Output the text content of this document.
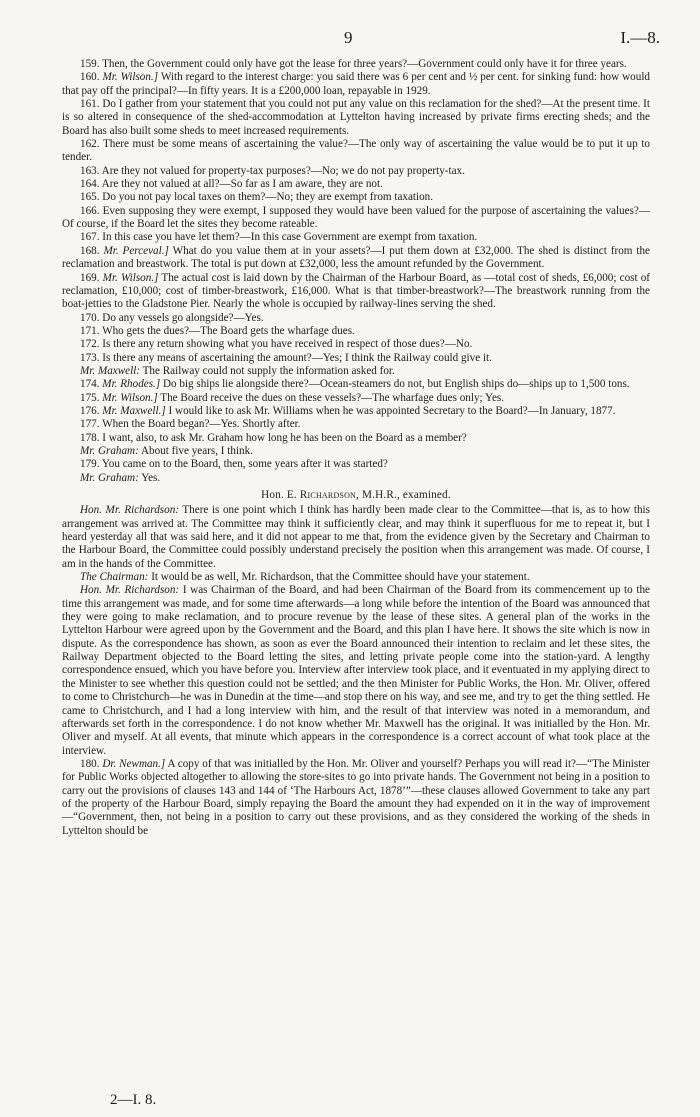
9	I.—8.

159. Then, the Government could only have got the lease for three years?—Government could only have it for three years.

160. Mr. Wilson.] With regard to the interest charge: you said there was 6 per cent and ½ per cent. for sinking fund: how would that pay off the principal?—In fifty years. It is a £200,000 loan, repayable in 1929.

161. Do I gather from your statement that you could not put any value on this reclamation for the shed?—At the present time. It is so altered in consequence of the shed-accommodation at Lyttelton having increased by private firms erecting sheds; and the Board has also built some sheds to meet increased requirements.

162. There must be some means of ascertaining the value?—The only way of ascertaining the value would be to put it up to tender.

163. Are they not valued for property-tax purposes?—No; we do not pay property-tax.

164. Are they not valued at all?—So far as I am aware, they are not.

165. Do you not pay local taxes on them?—No; they are exempt from taxation.

166. Even supposing they were exempt, I supposed they would have been valued for the purpose of ascertaining the values?—Of course, if the Board let the sites they become rateable.

167. In this case you have let them?—In this case Government are exempt from taxation.

168. Mr. Perceval.] What do you value them at in your assets?—I put them down at £32,000. The shed is distinct from the reclamation and breastwork. The total is put down at £32,000, less the amount refunded by the Government.

169. Mr. Wilson.] The actual cost is laid down by the Chairman of the Harbour Board, as —total cost of sheds, £6,000; cost of reclamation, £10,000; cost of timber-breastwork, £16,000. What is that timber-breastwork?—The breastwork running from the boat-jetties to the Gladstone Pier. Nearly the whole is occupied by railway-lines serving the shed.

170. Do any vessels go alongside?—Yes.

171. Who gets the dues?—The Board gets the wharfage dues.

172. Is there any return showing what you have received in respect of those dues?—No.

173. Is there any means of ascertaining the amount?—Yes; I think the Railway could give it.

Mr. Maxwell: The Railway could not supply the information asked for.

174. Mr. Rhodes.] Do big ships lie alongside there?—Ocean-steamers do not, but English ships do—ships up to 1,500 tons.

175. Mr. Wilson.] The Board receive the dues on these vessels?—The wharfage dues only; Yes.

176. Mr. Maxwell.] I would like to ask Mr. Williams when he was appointed Secretary to the Board?—In January, 1877.

177. When the Board began?—Yes. Shortly after.

178. I want, also, to ask Mr. Graham how long he has been on the Board as a member?

Mr. Graham: About five years, I think.

179. You came on to the Board, then, some years after it was started?

Mr. Graham: Yes.

Hon. E. Richardson, M.H.R., examined.

Hon. Mr. Richardson: There is one point which I think has hardly been made clear to the Committee—that is, as to how this arrangement was arrived at. The Committee may think it sufficiently clear, and may think it superfluous for me to repeat it, but I heard yesterday all that was said here, and it did not appear to me that, from the evidence given by the Secretary and Chairman to the Harbour Board, the Committee could possibly understand precisely the position when this arrangement was made. Of course, I am in the hands of the Committee.

The Chairman: It would be as well, Mr. Richardson, that the Committee should have your statement.

Hon. Mr. Richardson: I was Chairman of the Board, and had been Chairman of the Board from its commencement up to the time this arrangement was made, and for some time afterwards—a long while before the intention of the Board was announced that they were going to make reclamation, and to procure revenue by the lease of these sites. A general plan of the works in the Lyttelton Harbour were agreed upon by the Government and the Board, and this plan I have here. It shows the site which is now in dispute. As the correspondence has shown, as soon as ever the Board announced their intention to reclaim and let these sites, the Railway Department objected to the Board letting the sites, and letting private people come into the station-yard. A lengthy correspondence ensued, which you have before you. Interview after interview took place, and it eventuated in my applying direct to the Minister to see whether this question could not be settled; and the then Minister for Public Works, the Hon. Mr. Oliver, offered to come to Christchurch—he was in Dunedin at the time—and stop there on his way, and see me, and try to get the thing settled. He came to Christchurch, and I had a long interview with him, and the result of that interview was noted in a memorandum, and afterwards set forth in the correspondence. I do not know whether Mr. Maxwell has the original. It was initialled by the Hon. Mr. Oliver and myself. At all events, that minute which appears in the correspondence is a correct account of what took place at the interview.

180. Dr. Newman.] A copy of that was initialled by the Hon. Mr. Oliver and yourself? Perhaps you will read it?—“The Minister for Public Works objected altogether to allowing the store-sites to go into private hands. The Government not being in a position to carry out the provisions of clauses 143 and 144 of ‘The Harbours Act, 1878’”—these clauses allowed Government to take any part of the property of the Harbour Board, simply repaying the Board the amount they had expended on it in the way of improvement—“Government, then, not being in a position to carry out these provisions, and as they considered the working of the sheds in Lyttelton should be

2—I. 8.
